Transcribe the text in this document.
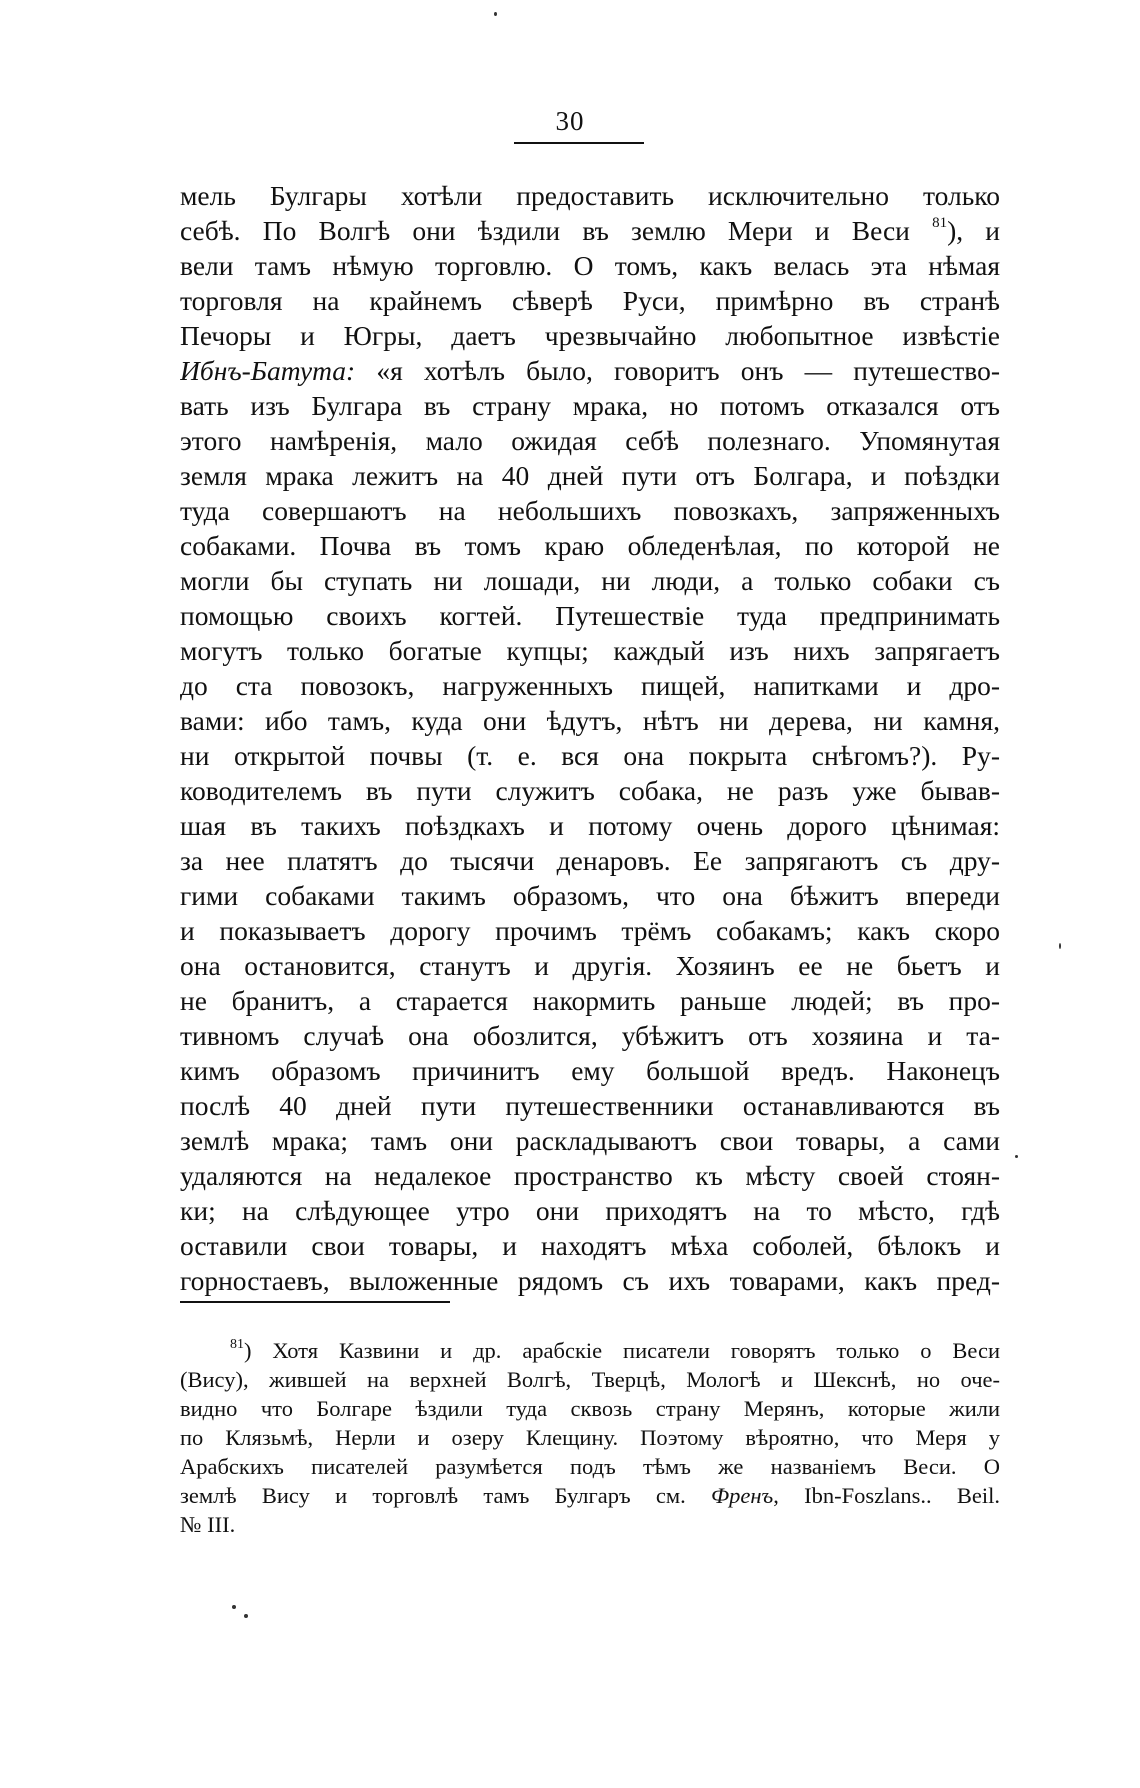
30
мель Булгары хотѣли предоставить исключительно только
себѣ. По Волгѣ они ѣздили въ землю Мери и Веси $^{81}$), и
вели тамъ нѣмую торговлю. О томъ, какъ велась эта нѣмая
торговля на крайнемъ сѣверѣ Руси, примѣрно въ странѣ
Печоры и Югры, даетъ чрезвычайно любопытное извѣстіе
Ибнъ-Батута: «я хотѣлъ было, говоритъ онъ — путешество-
вать изъ Булгара въ страну мрака, но потомъ отказался отъ
этого намѣренія, мало ожидая себѣ полезнаго. Упомянутая
земля мрака лежитъ на 40 дней пути отъ Болгара, и поѣздки
туда совершаютъ на небольшихъ повозкахъ, запряженныхъ
собаками. Почва въ томъ краю обледенѣлая, по которой не
могли бы ступать ни лошади, ни люди, а только собаки съ
помощью своихъ когтей. Путешествіе туда предпринимать
могутъ только богатые купцы; каждый изъ нихъ запрягаетъ
до ста повозокъ, нагруженныхъ пищей, напитками и дро-
вами: ибо тамъ, куда они ѣдутъ, нѣтъ ни дерева, ни камня,
ни открытой почвы (т. е. вся она покрыта снѣгомъ?). Ру-
ководителемъ въ пути служитъ собака, не разъ уже бывав-
шая въ такихъ поѣздкахъ и потому очень дорого цѣнимая:
за нее платятъ до тысячи денаровъ. Ее запрягаютъ съ дру-
гими собаками такимъ образомъ, что она бѣжитъ впереди
и показываетъ дорогу прочимъ трёмъ собакамъ; какъ скоро
она остановится, станутъ и другія. Хозяинъ ее не бьетъ и
не бранитъ, а старается накормить раньше людей; въ про-
тивномъ случаѣ она обозлится, убѣжитъ отъ хозяина и та-
кимъ образомъ причинитъ ему большой вредъ. Наконецъ
послѣ 40 дней пути путешественники останавливаются въ
землѣ мрака; тамъ они раскладываютъ свои товары, а сами
удаляются на недалекое пространство къ мѣсту своей стоян-
ки; на слѣдующее утро они приходятъ на то мѣсто, гдѣ
оставили свои товары, и находятъ мѣха соболей, бѣлокъ и
горностаевъ, выложенные рядомъ съ ихъ товарами, какъ пред-
$^{81}$) Хотя Казвини и др. арабскіе писатели говорятъ только о Веси
(Вису), жившей на верхней Волгѣ, Тверцѣ, Мологѣ и Шекснѣ, но оче-
видно что Болгаре ѣздили туда сквозь страну Мерянъ, которые жили
по Клязьмѣ, Нерли и озеру Клещину. Поэтому вѣроятно, что Меря у
Арабскихъ писателей разумѣется подъ тѣмъ же названіемъ Веси. О
землѣ Вису и торговлѣ тамъ Булгаръ см. Френъ, Ibn-Foszlans.. Beil.
№ III.
